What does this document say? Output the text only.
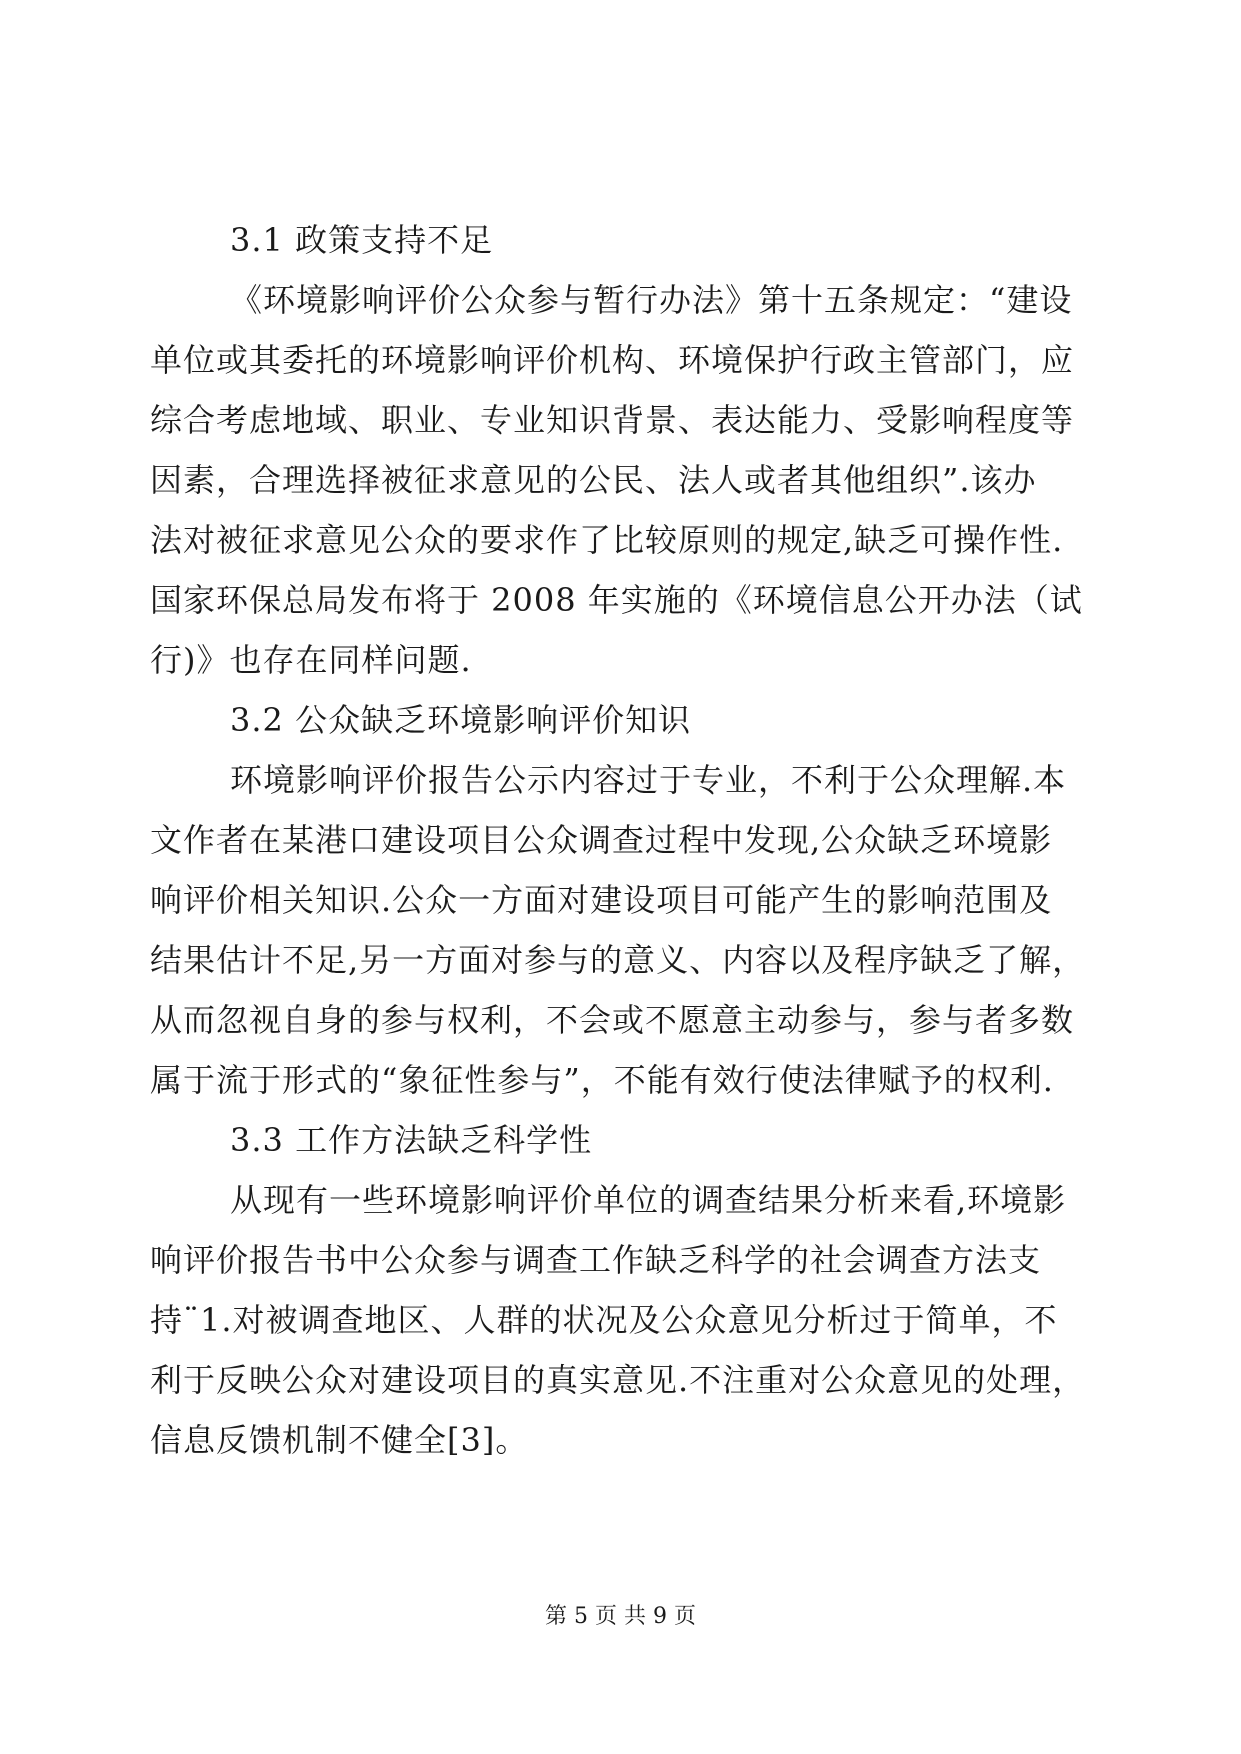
3.1 政策支持不足
《环境影响评价公众参与暂行办法》第十五条规定：“建设
单位或其委托的环境影响评价机构、环境保护行政主管部门，应
综合考虑地域、职业、专业知识背景、表达能力、受影响程度等
因素，合理选择被征求意见的公民、法人或者其他组织”.该办
法对被征求意见公众的要求作了比较原则的规定,缺乏可操作性.
国家环保总局发布将于 2008 年实施的《环境信息公开办法（试
行)》也存在同样问题.
3.2 公众缺乏环境影响评价知识
环境影响评价报告公示内容过于专业，不利于公众理解.本
文作者在某港口建设项目公众调查过程中发现,公众缺乏环境影
响评价相关知识.公众一方面对建设项目可能产生的影响范围及
结果估计不足,另一方面对参与的意义、内容以及程序缺乏了解，
从而忽视自身的参与权利，不会或不愿意主动参与，参与者多数
属于流于形式的“象征性参与”，不能有效行使法律赋予的权利.
3.3 工作方法缺乏科学性
从现有一些环境影响评价单位的调查结果分析来看,环境影
响评价报告书中公众参与调查工作缺乏科学的社会调查方法支
持¨1.对被调查地区、人群的状况及公众意见分析过于简单，不
利于反映公众对建设项目的真实意见.不注重对公众意见的处理，
信息反馈机制不健全[3]。
第 5 页 共 9 页
